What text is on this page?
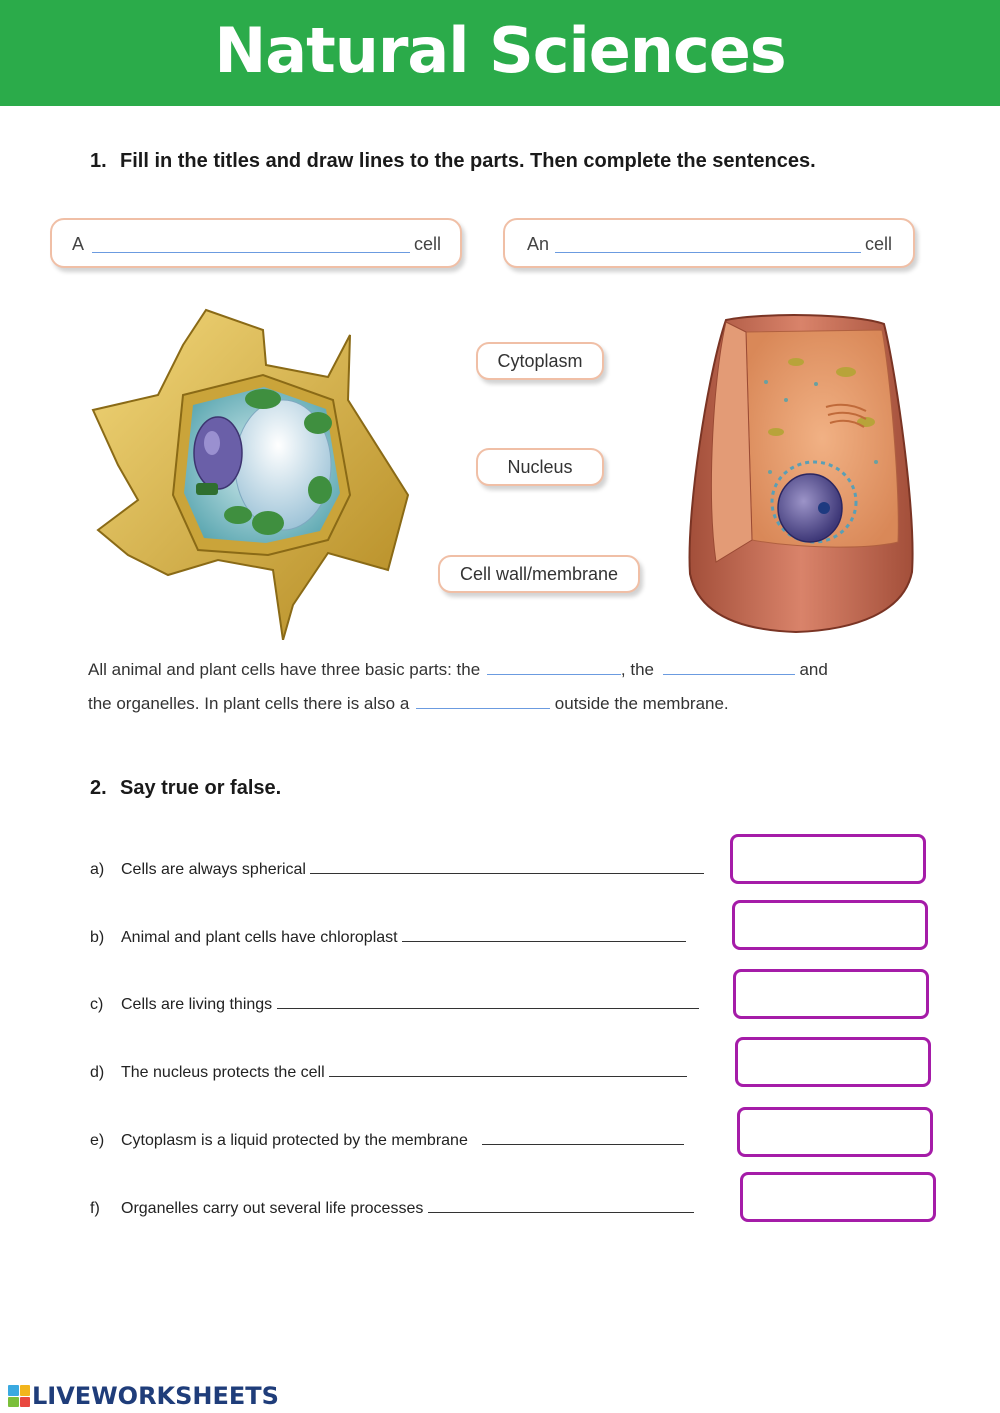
Natural Sciences
1. Fill in the titles and draw lines to the parts. Then complete the sentences.
A	cell	An	cell
Cytoplasm
Nucleus
Cell wall/membrane
All animal and plant cells have three basic parts: the	, the	and
the organelles. In plant cells there is also a	outside the membrane.
2. Say true or false.
a) Cells are always spherical
b) Animal and plant cells have chloroplast
c) Cells are living things
d) The nucleus protects the cell
e) Cytoplasm is a liquid protected by the membrane
f) Organelles carry out several life processes
LIVEWORKSHEETS
